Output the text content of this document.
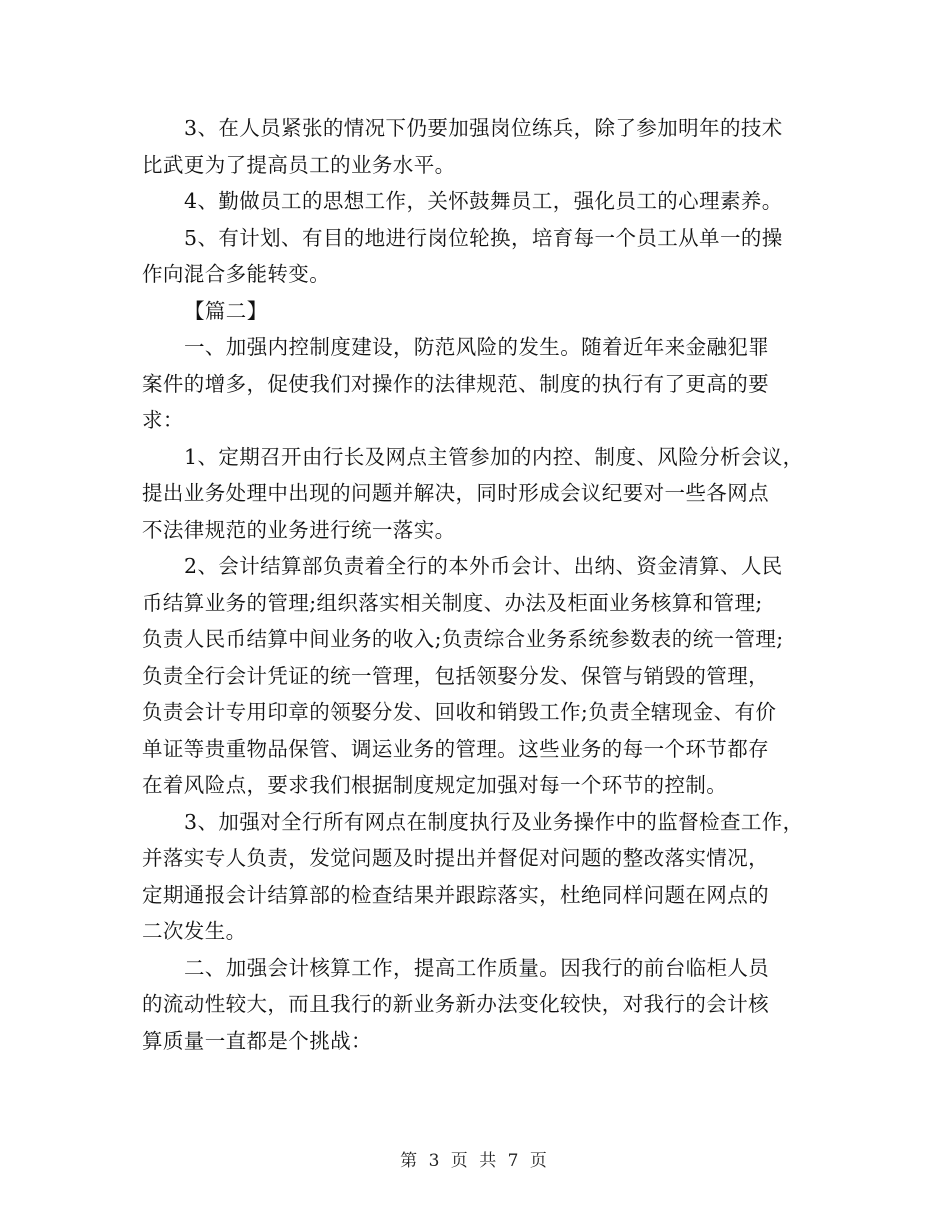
3、在人员紧张的情况下仍要加强岗位练兵，除了参加明年的技术
比武更为了提高员工的业务水平。
4、勤做员工的思想工作，关怀鼓舞员工，强化员工的心理素养。
5、有计划、有目的地进行岗位轮换，培育每一个员工从单一的操
作向混合多能转变。
【篇二】
一、加强内控制度建设，防范风险的发生。随着近年来金融犯罪
案件的增多，促使我们对操作的法律规范、制度的执行有了更高的要
求：
1、定期召开由行长及网点主管参加的内控、制度、风险分析会议，
提出业务处理中出现的问题并解决，同时形成会议纪要对一些各网点
不法律规范的业务进行统一落实。
2、会计结算部负责着全行的本外币会计、出纳、资金清算、人民
币结算业务的管理;组织落实相关制度、办法及柜面业务核算和管理;
负责人民币结算中间业务的收入;负责综合业务系统参数表的统一管理;
负责全行会计凭证的统一管理，包括领娶分发、保管与销毁的管理，
负责会计专用印章的领娶分发、回收和销毁工作;负责全辖现金、有价
单证等贵重物品保管、调运业务的管理。这些业务的每一个环节都存
在着风险点，要求我们根据制度规定加强对每一个环节的控制。
3、加强对全行所有网点在制度执行及业务操作中的监督检查工作，
并落实专人负责，发觉问题及时提出并督促对问题的整改落实情况，
定期通报会计结算部的检查结果并跟踪落实，杜绝同样问题在网点的
二次发生。
二、加强会计核算工作，提高工作质量。因我行的前台临柜人员
的流动性较大，而且我行的新业务新办法变化较快，对我行的会计核
算质量一直都是个挑战：
第 3 页 共 7 页
